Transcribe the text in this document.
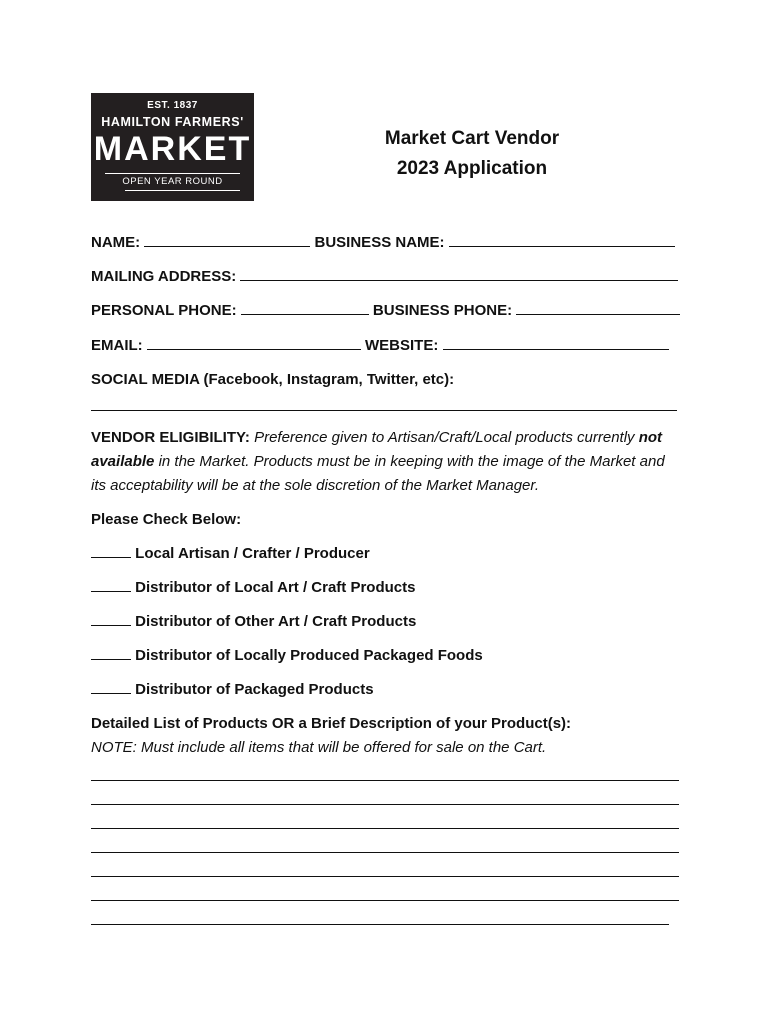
EST. 1837
HAMILTON FARMERS'
MARKET
OPEN YEAR ROUND
Market Cart Vendor
2023 Application
NAME:	BUSINESS NAME:
MAILING ADDRESS:
PERSONAL PHONE:	BUSINESS PHONE:
EMAIL:	WEBSITE:
SOCIAL MEDIA (Facebook, Instagram, Twitter, etc):
VENDOR ELIGIBILITY: Preference given to Artisan/Craft/Local products currently not available in the Market. Products must be in keeping with the image of the Market and its acceptability will be at the sole discretion of the Market Manager.
Please Check Below:
Local Artisan / Crafter / Producer
Distributor of Local Art / Craft Products
Distributor of Other Art / Craft Products
Distributor of Locally Produced Packaged Foods
Distributor of Packaged Products
Detailed List of Products OR a Brief Description of your Product(s):
NOTE: Must include all items that will be offered for sale on the Cart.
